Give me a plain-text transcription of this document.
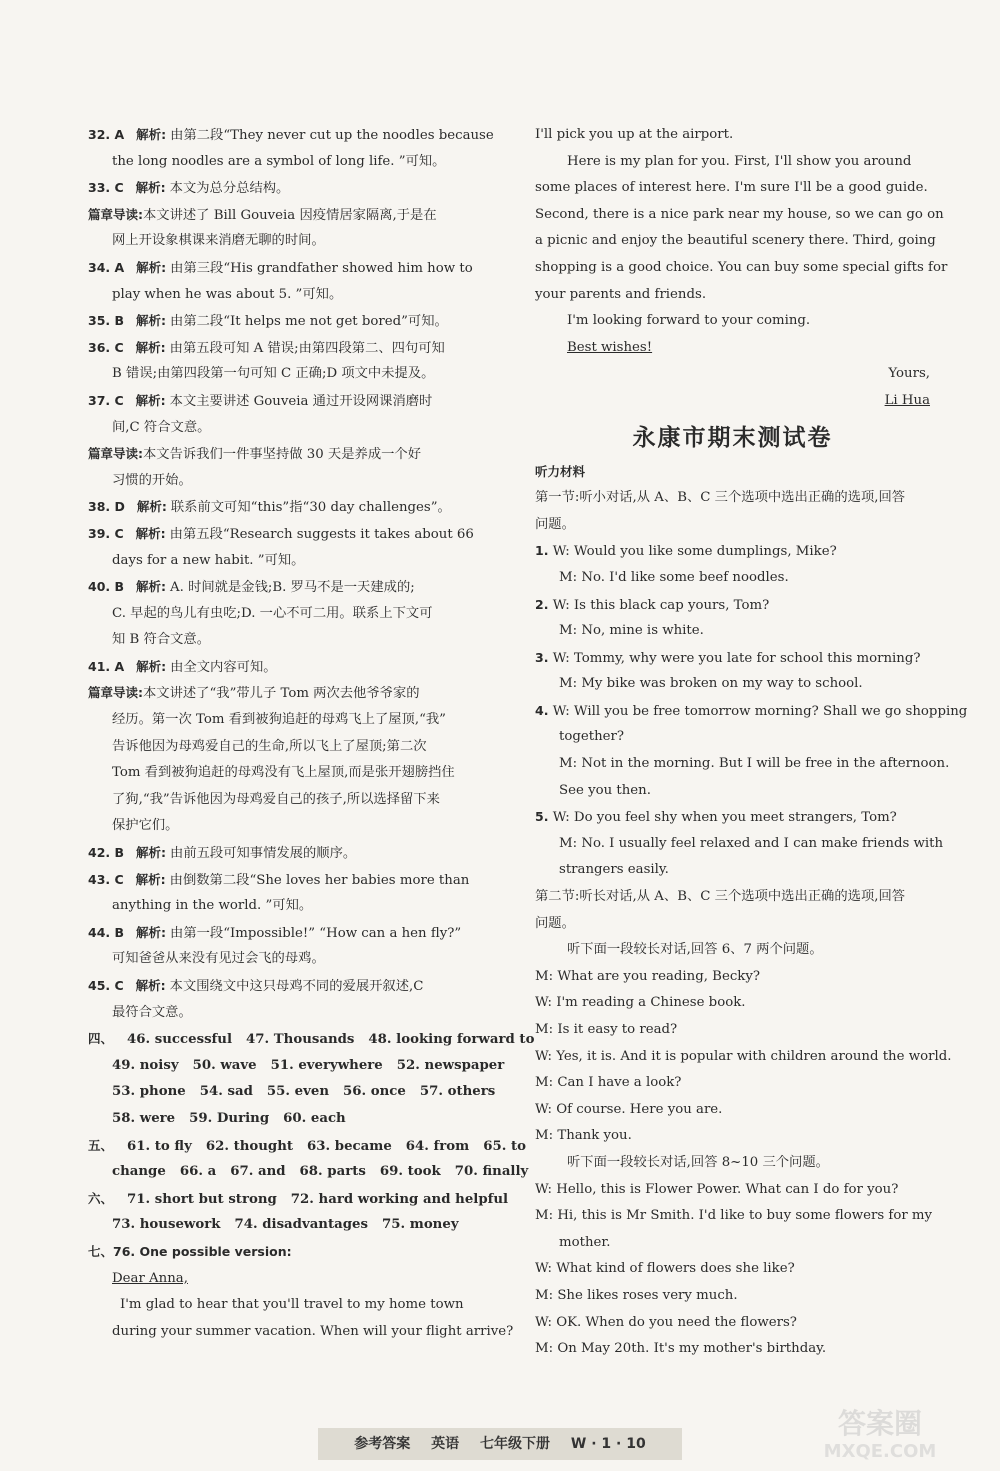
32. A 解析: 由第二段“They never cut up the noodles because
the long noodles are a symbol of long life. ”可知。
33. C 解析: 本文为总分总结构。
篇章导读:本文讲述了 Bill Gouveia 因疫情居家隔离,于是在
网上开设象棋课来消磨无聊的时间。
34. A 解析: 由第三段“His grandfather showed him how to
play when he was about 5. ”可知。
35. B 解析: 由第二段“It helps me not get bored”可知。
36. C 解析: 由第五段可知 A 错误;由第四段第二、四句可知
B 错误;由第四段第一句可知 C 正确;D 项文中未提及。
37. C 解析: 本文主要讲述 Gouveia 通过开设网课消磨时
间,C 符合文意。
篇章导读:本文告诉我们一件事坚持做 30 天是养成一个好
习惯的开始。
38. D 解析: 联系前文可知“this”指“30 day challenges”。
39. C 解析: 由第五段“Research suggests it takes about 66
days for a new habit. ”可知。
40. B 解析: A. 时间就是金钱;B. 罗马不是一天建成的;
C. 早起的鸟儿有虫吃;D. 一心不可二用。联系上下文可
知 B 符合文意。
41. A 解析: 由全文内容可知。
篇章导读:本文讲述了“我”带儿子 Tom 两次去他爷爷家的
经历。第一次 Tom 看到被狗追赶的母鸡飞上了屋顶,“我”
告诉他因为母鸡爱自己的生命,所以飞上了屋顶;第二次
Tom 看到被狗追赶的母鸡没有飞上屋顶,而是张开翅膀挡住
了狗,“我”告诉他因为母鸡爱自己的孩子,所以选择留下来
保护它们。
42. B 解析: 由前五段可知事情发展的顺序。
43. C 解析: 由倒数第二段“She loves her babies more than
anything in the world. ”可知。
44. B 解析: 由第一段“Impossible!” “How can a hen fly?”
可知爸爸从来没有见过会飞的母鸡。
45. C 解析: 本文围绕文中这只母鸡不同的爱展开叙述,C
最符合文意。
四、 46. successful 47. Thousands 48. looking forward to
49. noisy 50. wave 51. everywhere 52. newspaper
53. phone 54. sad 55. even 56. once 57. others
58. were 59. During 60. each
五、 61. to fly 62. thought 63. became 64. from 65. to
change 66. a 67. and 68. parts 69. took 70. finally
六、 71. short but strong 72. hard working and helpful
73. housework 74. disadvantages 75. money
七、76. One possible version:
Dear Anna,
I'm glad to hear that you'll travel to my home town
during your summer vacation. When will your flight arrive?
I'll pick you up at the airport.
Here is my plan for you. First, I'll show you around
some places of interest here. I'm sure I'll be a good guide.
Second, there is a nice park near my house, so we can go on
a picnic and enjoy the beautiful scenery there. Third, going
shopping is a good choice. You can buy some special gifts for
your parents and friends.
I'm looking forward to your coming.
Best wishes!
Yours,
Li Hua
永康市期末测试卷
听力材料
第一节:听小对话,从 A、B、C 三个选项中选出正确的选项,回答
问题。
1. W: Would you like some dumplings, Mike?
M: No. I'd like some beef noodles.
2. W: Is this black cap yours, Tom?
M: No, mine is white.
3. W: Tommy, why were you late for school this morning?
M: My bike was broken on my way to school.
4. W: Will you be free tomorrow morning? Shall we go shopping
together?
M: Not in the morning. But I will be free in the afternoon.
See you then.
5. W: Do you feel shy when you meet strangers, Tom?
M: No. I usually feel relaxed and I can make friends with
strangers easily.
第二节:听长对话,从 A、B、C 三个选项中选出正确的选项,回答
问题。
听下面一段较长对话,回答 6、7 两个问题。
M: What are you reading, Becky?
W: I'm reading a Chinese book.
M: Is it easy to read?
W: Yes, it is. And it is popular with children around the world.
M: Can I have a look?
W: Of course. Here you are.
M: Thank you.
听下面一段较长对话,回答 8~10 三个问题。
W: Hello, this is Flower Power. What can I do for you?
M: Hi, this is Mr Smith. I'd like to buy some flowers for my
mother.
W: What kind of flowers does she like?
M: She likes roses very much.
W: OK. When do you need the flowers?
M: On May 20th. It's my mother's birthday.
参考答案 英语 七年级下册 W · 1 · 10
答案圈
MXQE.COM
